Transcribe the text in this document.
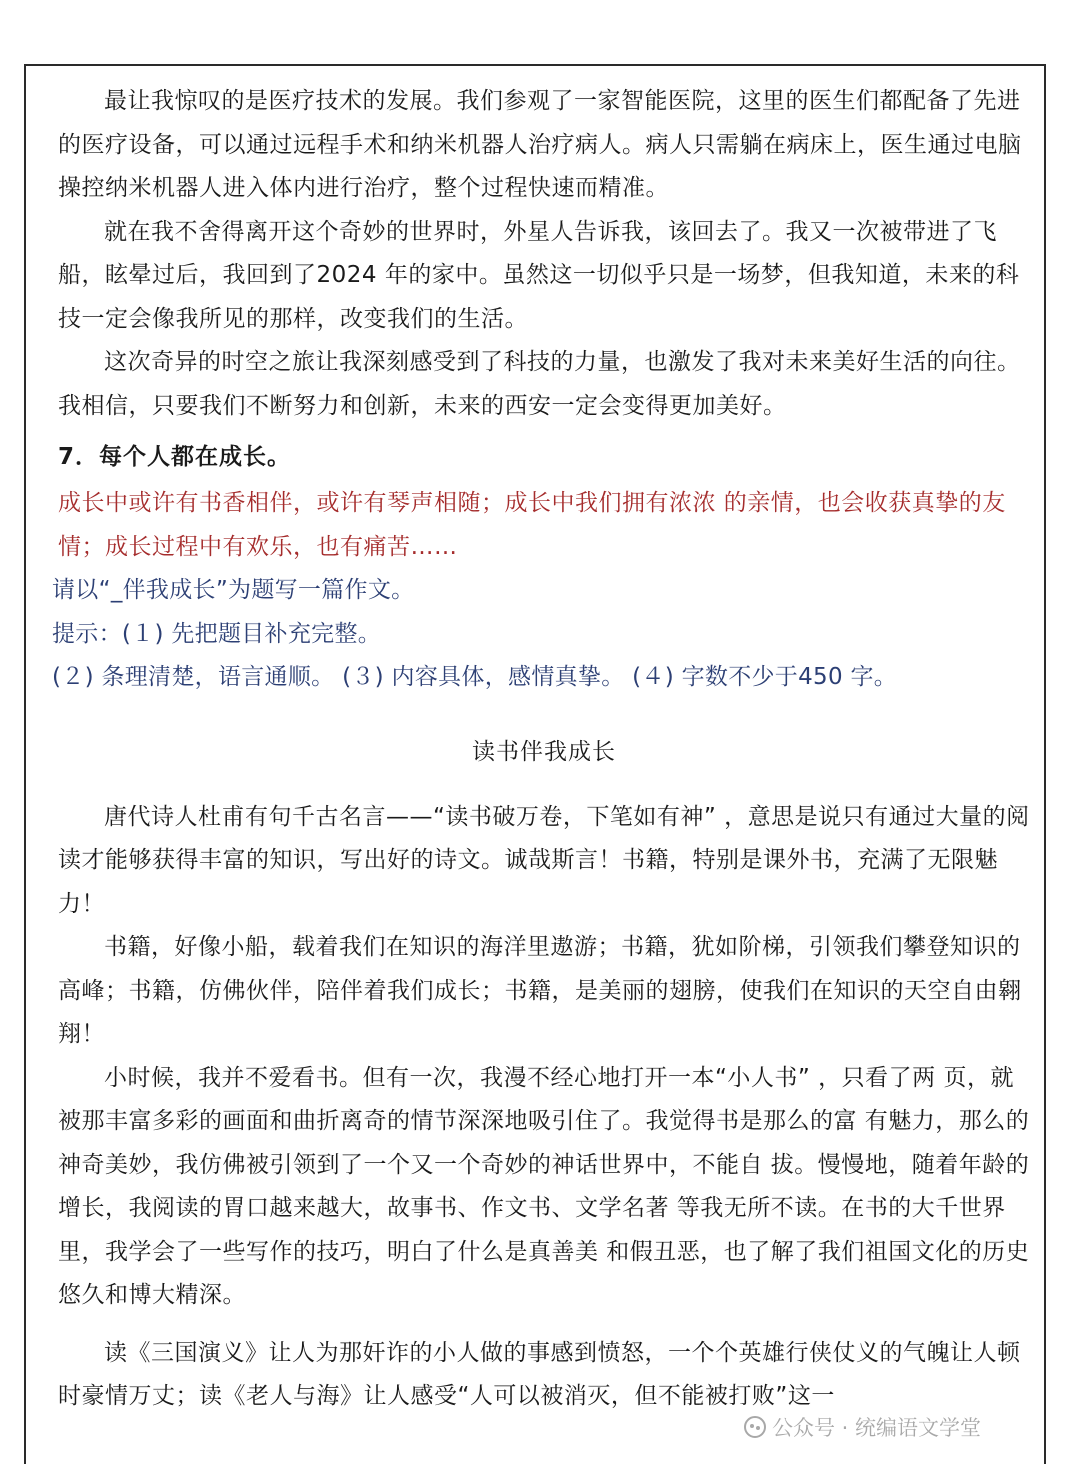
最让我惊叹的是医疗技术的发展。我们参观了一家智能医院，这里的医生们都配备了先进的医疗设备，可以通过远程手术和纳米机器人治疗病人。病人只需躺在病床上，医生通过电脑操控纳米机器人进入体内进行治疗，整个过程快速而精准。

就在我不舍得离开这个奇妙的世界时，外星人告诉我，该回去了。我又一次被带进了飞船，眩晕过后，我回到了2024 年的家中。虽然这一切似乎只是一场梦，但我知道，未来的科技一定会像我所见的那样，改变我们的生活。

这次奇异的时空之旅让我深刻感受到了科技的力量，也激发了我对未来美好生活的向往。我相信，只要我们不断努力和创新，未来的西安一定会变得更加美好。

7．每个人都在成长。

成长中或许有书香相伴，或许有琴声相随；成长中我们拥有浓浓 的亲情，也会收获真挚的友情；成长过程中有欢乐，也有痛苦……

请以“_伴我成长”为题写一篇作文。

提示：(１) 先把题目补充完整。

(２) 条理清楚，语言通顺。 (３) 内容具体，感情真挚。 (４) 字数不少于450 字。

读书伴我成长

唐代诗人杜甫有句千古名言——“读书破万卷，下笔如有神” ，意思是说只有通过大量的阅读才能够获得丰富的知识，写出好的诗文。诚哉斯言！书籍，特别是课外书，充满了无限魅力！

书籍，好像小船，载着我们在知识的海洋里遨游；书籍，犹如阶梯，引领我们攀登知识的高峰；书籍，仿佛伙伴，陪伴着我们成长；书籍，是美丽的翅膀，使我们在知识的天空自由翱翔！

小时候，我并不爱看书。但有一次，我漫不经心地打开一本“小人书” ，只看了两 页，就被那丰富多彩的画面和曲折离奇的情节深深地吸引住了。我觉得书是那么的富 有魅力，那么的神奇美妙，我仿佛被引领到了一个又一个奇妙的神话世界中，不能自 拔。慢慢地，随着年龄的增长，我阅读的胃口越来越大，故事书、作文书、文学名著 等我无所不读。在书的大千世界里，我学会了一些写作的技巧，明白了什么是真善美 和假丑恶，也了解了我们祖国文化的历史悠久和博大精深。

读《三国演义》让人为那奸诈的小人做的事感到愤怒，一个个英雄行侠仗义的气魄让人顿时豪情万丈；读《老人与海》让人感受“人可以被消灭，但不能被打败”这一

公众号 · 统编语文学堂
